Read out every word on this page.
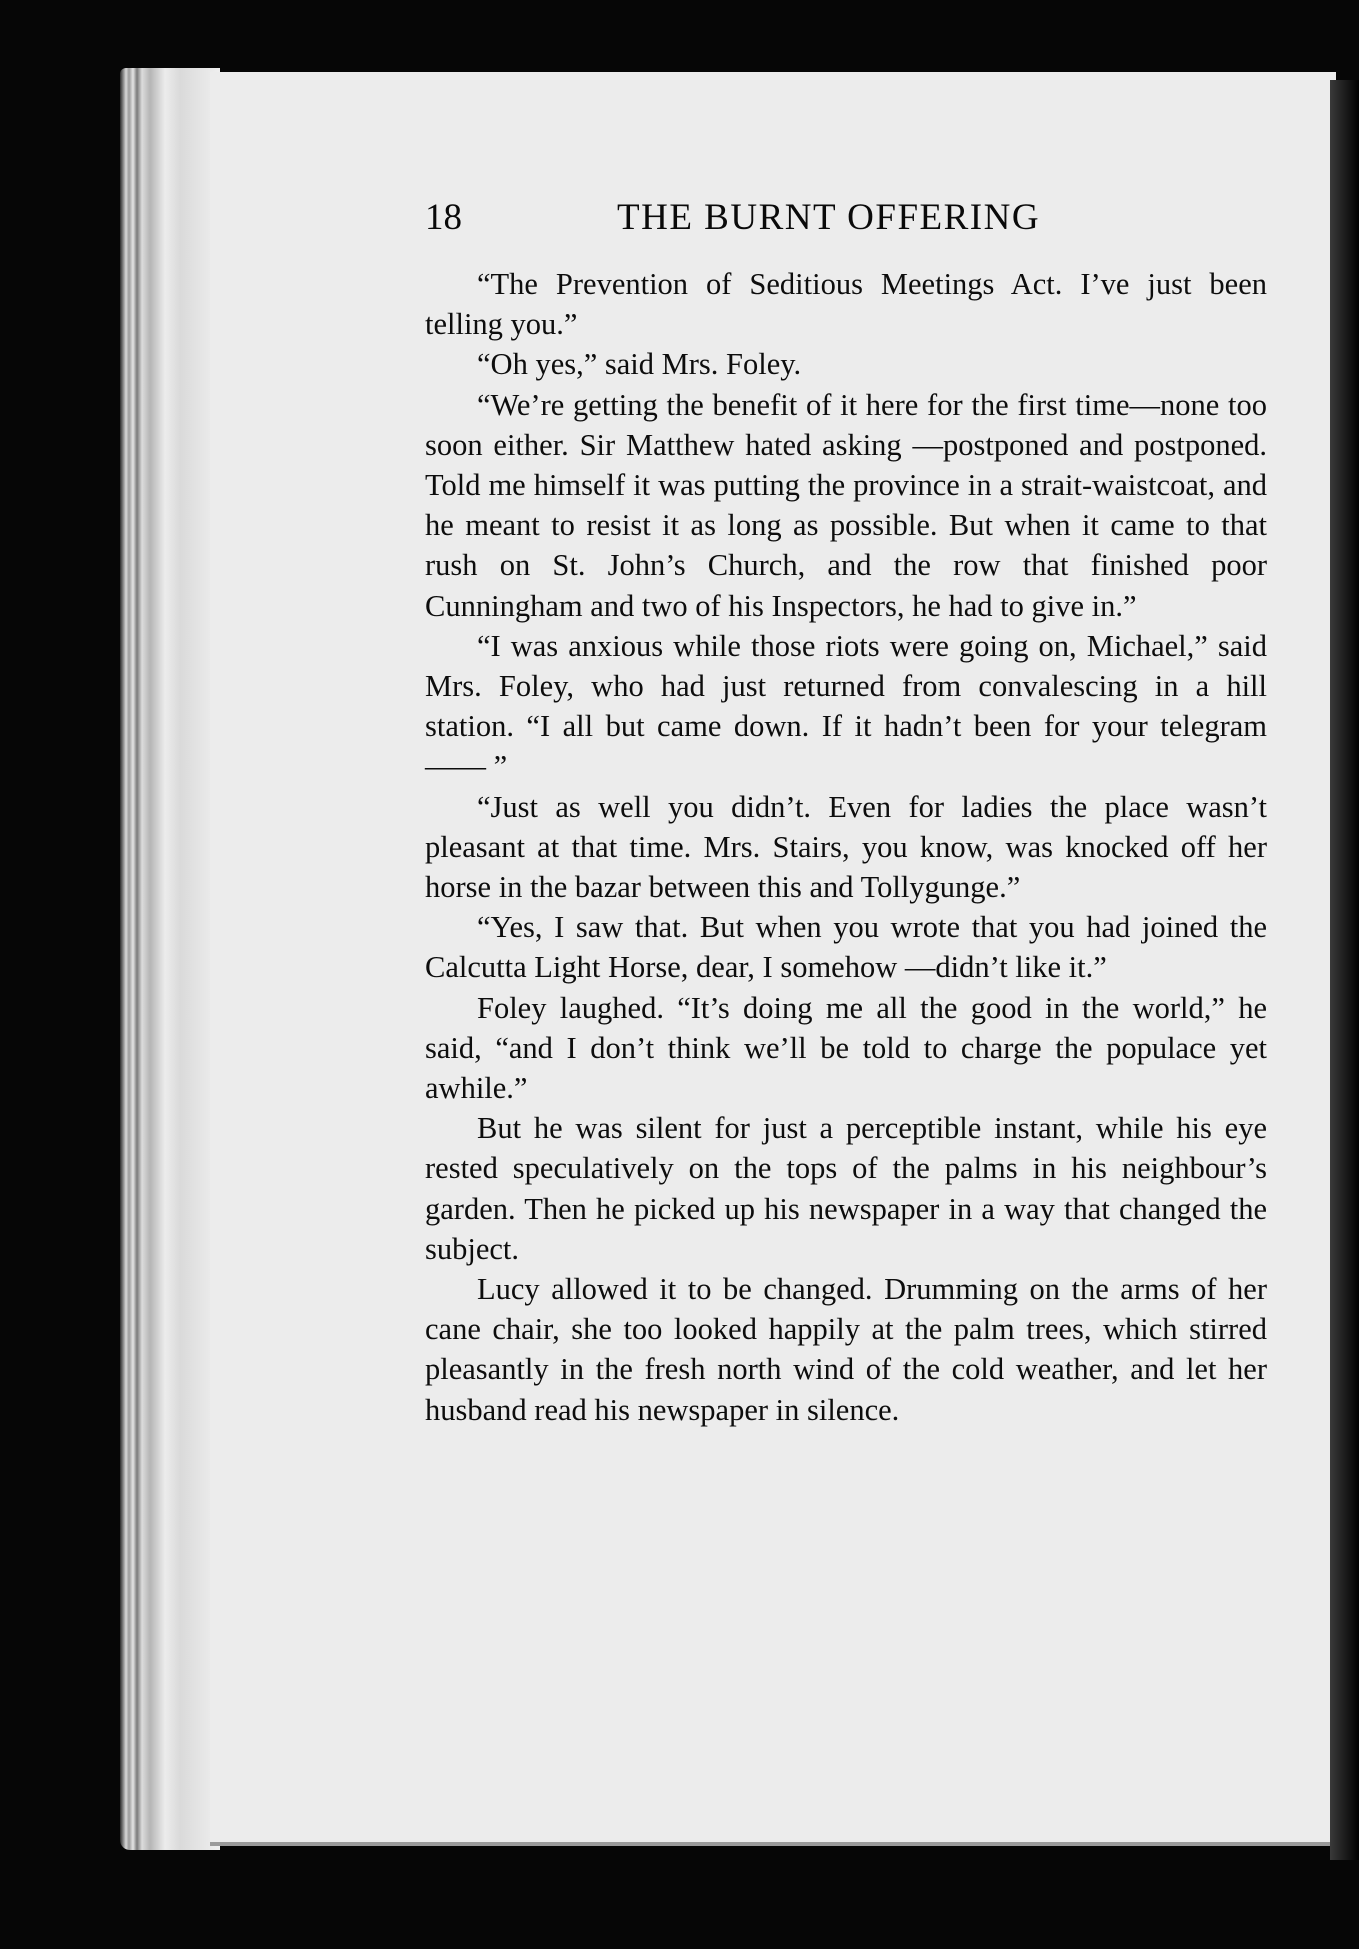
18	THE BURNT OFFERING

“The Prevention of Seditious Meetings Act. I’ve just been telling you.”

“Oh yes,” said Mrs. Foley.

“We’re getting the benefit of it here for the first time—none too soon either. Sir Matthew hated asking —postponed and postponed. Told me himself it was putting the province in a strait-waistcoat, and he meant to resist it as long as possible. But when it came to that rush on St. John’s Church, and the row that finished poor Cunningham and two of his Inspectors, he had to give in.”

“I was anxious while those riots were going on, Michael,” said Mrs. Foley, who had just returned from convalescing in a hill station. “I all but came down. If it hadn’t been for your telegram—— ”

“Just as well you didn’t. Even for ladies the place wasn’t pleasant at that time. Mrs. Stairs, you know, was knocked off her horse in the bazar between this and Tollygunge.”

“Yes, I saw that. But when you wrote that you had joined the Calcutta Light Horse, dear, I somehow —didn’t like it.”

Foley laughed. “It’s doing me all the good in the world,” he said, “and I don’t think we’ll be told to charge the populace yet awhile.”

But he was silent for just a perceptible instant, while his eye rested speculatively on the tops of the palms in his neighbour’s garden. Then he picked up his newspaper in a way that changed the subject.

Lucy allowed it to be changed. Drumming on the arms of her cane chair, she too looked happily at the palm trees, which stirred pleasantly in the fresh north wind of the cold weather, and let her husband read his newspaper in silence.
